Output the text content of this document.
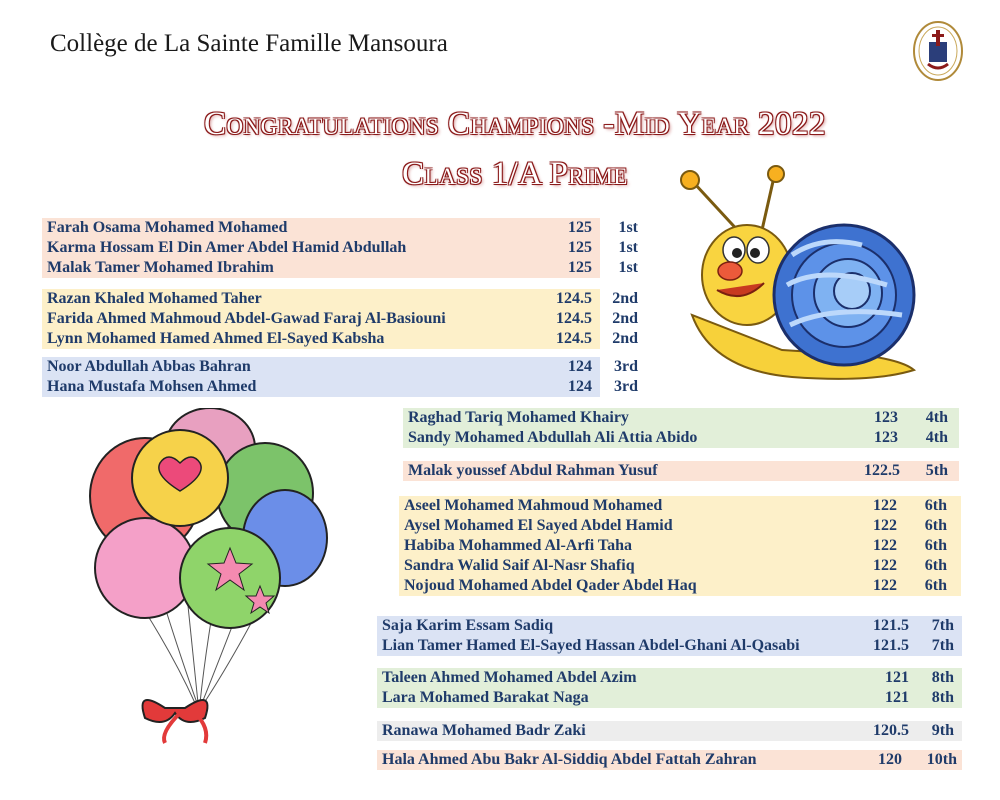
Collège de La Sainte Famille Mansoura
Congratulations Champions -Mid Year 2022
Class 1/A Prime
Farah Osama Mohamed Mohamed	125	1st
Karma Hossam El Din Amer Abdel Hamid Abdullah	125	1st
Malak Tamer Mohamed Ibrahim	125	1st
Razan Khaled Mohamed Taher	124.5	2nd
Farida Ahmed Mahmoud Abdel-Gawad Faraj Al-Basiouni	124.5	2nd
Lynn Mohamed Hamed Ahmed El-Sayed Kabsha	124.5	2nd
Noor Abdullah Abbas Bahran	124	3rd
Hana Mustafa Mohsen Ahmed	124	3rd
Raghad Tariq Mohamed Khairy	123	4th
Sandy Mohamed Abdullah Ali Attia Abido	123	4th
Malak youssef Abdul Rahman Yusuf	122.5	5th
Aseel Mohamed Mahmoud Mohamed	122	6th
Aysel Mohamed El Sayed Abdel Hamid	122	6th
Habiba Mohammed Al-Arfi Taha	122	6th
Sandra Walid Saif Al-Nasr Shafiq	122	6th
Nojoud Mohamed Abdel Qader Abdel Haq	122	6th
Saja Karim Essam Sadiq	121.5	7th
Lian Tamer Hamed El-Sayed Hassan Abdel-Ghani Al-Qasabi	121.5	7th
Taleen Ahmed Mohamed Abdel Azim	121	8th
Lara Mohamed Barakat Naga	121	8th
Ranawa Mohamed Badr Zaki	120.5	9th
Hala Ahmed Abu Bakr Al-Siddiq Abdel Fattah Zahran	120	10th
